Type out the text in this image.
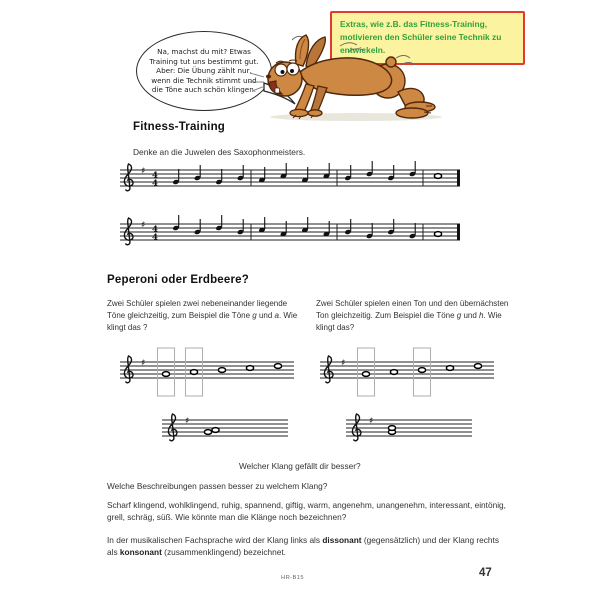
Extras, wie z.B. das Fitness-Training, motivieren den Schüler seine Technik zu entwickeln.
Na, machst du mit? Etwas Training tut uns bestimmt gut. Aber: Die Übung zählt nur, wenn die Technik stimmt und die Töne auch schön klingen.
Fitness-Training
Denke an die Juwelen des Saxophonmeisters.
♯ 4
4
♯ 4
4
Peperoni oder Erdbeere?

Zwei Schüler spielen zwei nebeneinander liegende Töne gleichzeitig, zum Beispiel die Töne g und a. Wie klingt das ?

Zwei Schüler spielen einen Ton und den übernächsten Ton gleichzeitig. Zum Beispiel die Töne g und h. Wie klingt das?

♯	♯
♯	♯
Welcher Klang gefällt dir besser?
Welche Beschreibungen passen besser zu welchem Klang?
Scharf klingend, wohlklingend, ruhig, spannend, giftig, warm, angenehm, unangenehm, interessant, eintönig, grell, schräg, süß. Wie könnte man die Klänge noch bezeichnen?

In der musikalischen Fachsprache wird der Klang links als dissonant (gegensätzlich) und der Klang rechts als konsonant (zusammenklingend) bezeichnet.

HR-B15	47
